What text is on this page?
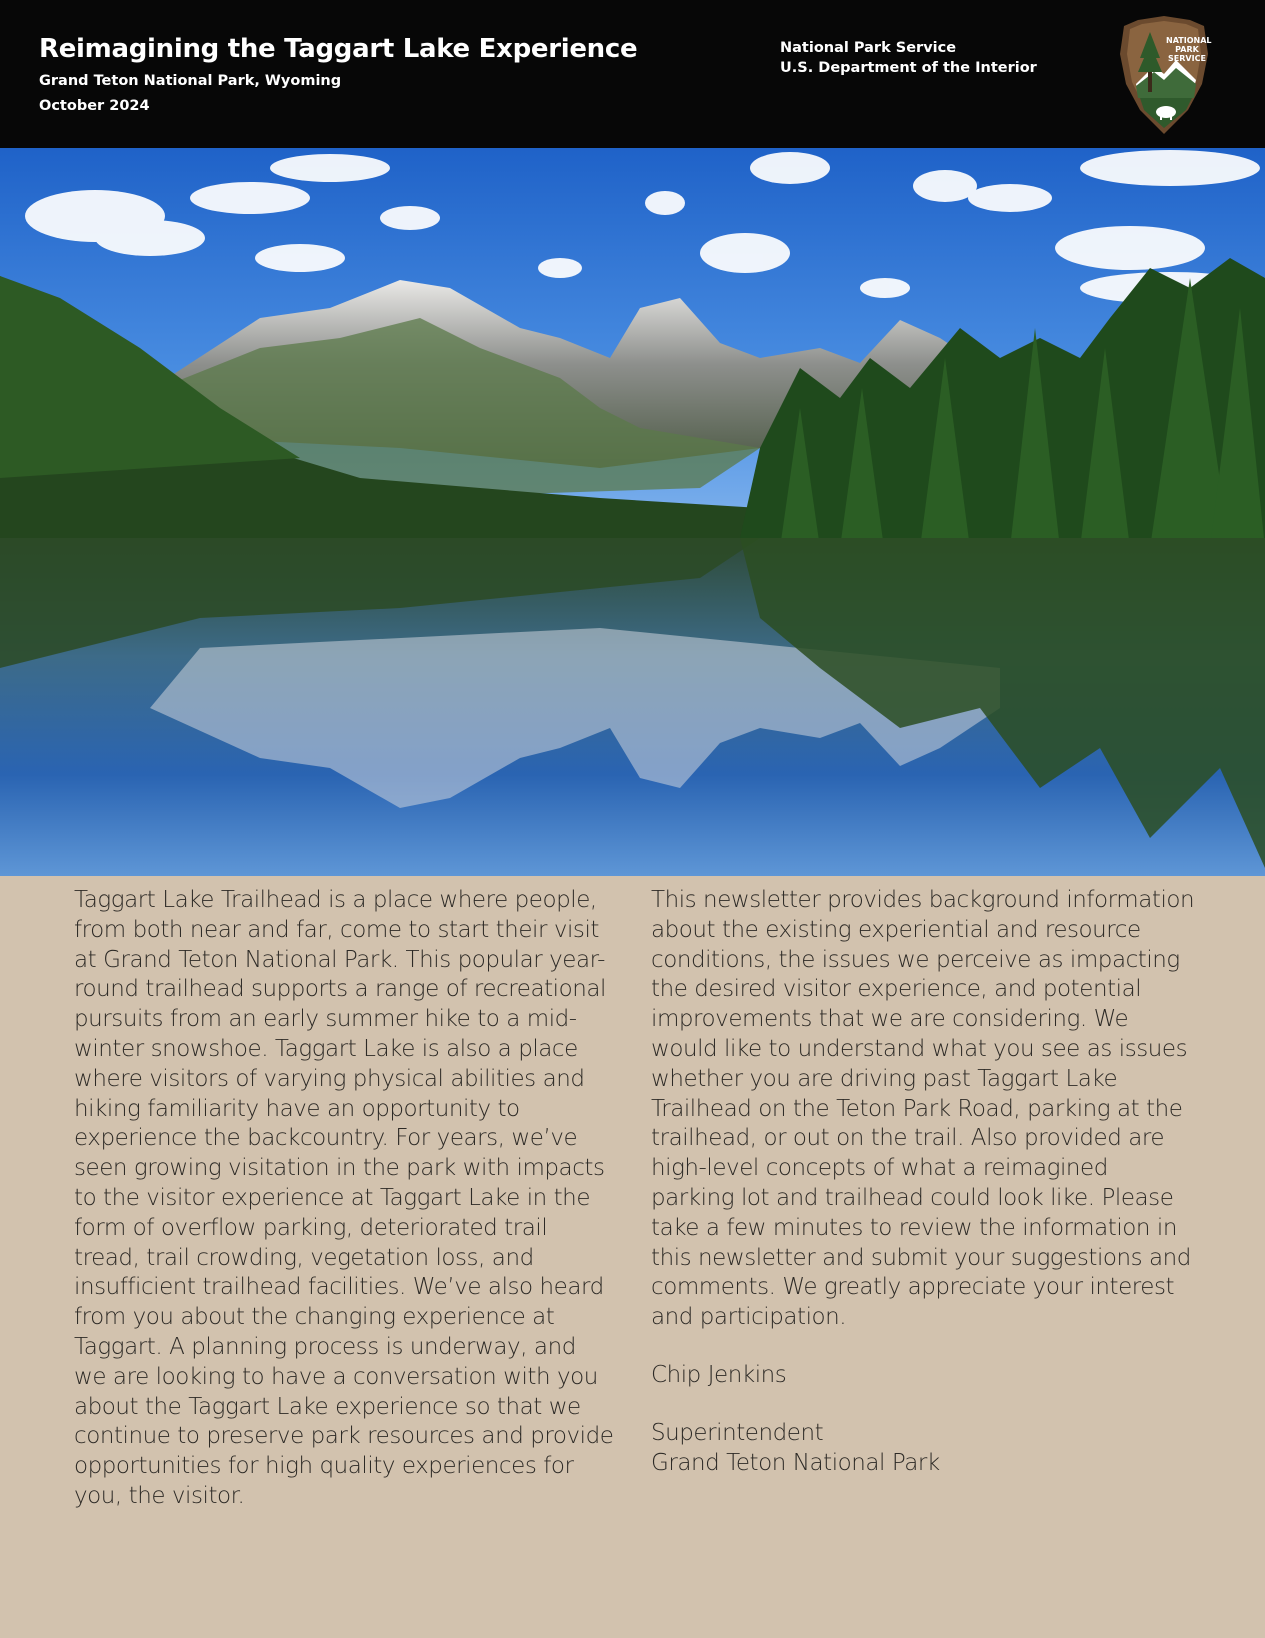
Reimagining the Taggart Lake Experience
Grand Teton National Park, Wyoming
October 2024
National Park Service
U.S. Department of the Interior
NATIONAL PARK SERVICE

Taggart Lake Trailhead is a place where people, from both near and far, come to start their visit at Grand Teton National Park. This popular year-round trailhead supports a range of recreational pursuits from an early summer hike to a mid-winter snowshoe. Taggart Lake is also a place where visitors of varying physical abilities and hiking familiarity have an opportunity to experience the backcountry. For years, we’ve seen growing visitation in the park with impacts to the visitor experience at Taggart Lake in the form of overflow parking, deteriorated trail tread, trail crowding, vegetation loss, and insufficient trailhead facilities. We’ve also heard from you about the changing experience at Taggart. A planning process is underway, and we are looking to have a conversation with you about the Taggart Lake experience so that we continue to preserve park resources and provide opportunities for high quality experiences for you, the visitor.

This newsletter provides background information about the existing experiential and resource conditions, the issues we perceive as impacting the desired visitor experience, and potential improvements that we are considering. We would like to understand what you see as issues whether you are driving past Taggart Lake Trailhead on the Teton Park Road, parking at the trailhead, or out on the trail. Also provided are high-level concepts of what a reimagined parking lot and trailhead could look like. Please take a few minutes to review the information in this newsletter and submit your suggestions and comments. We greatly appreciate your interest and participation.

Chip Jenkins

Superintendent

Grand Teton National Park
